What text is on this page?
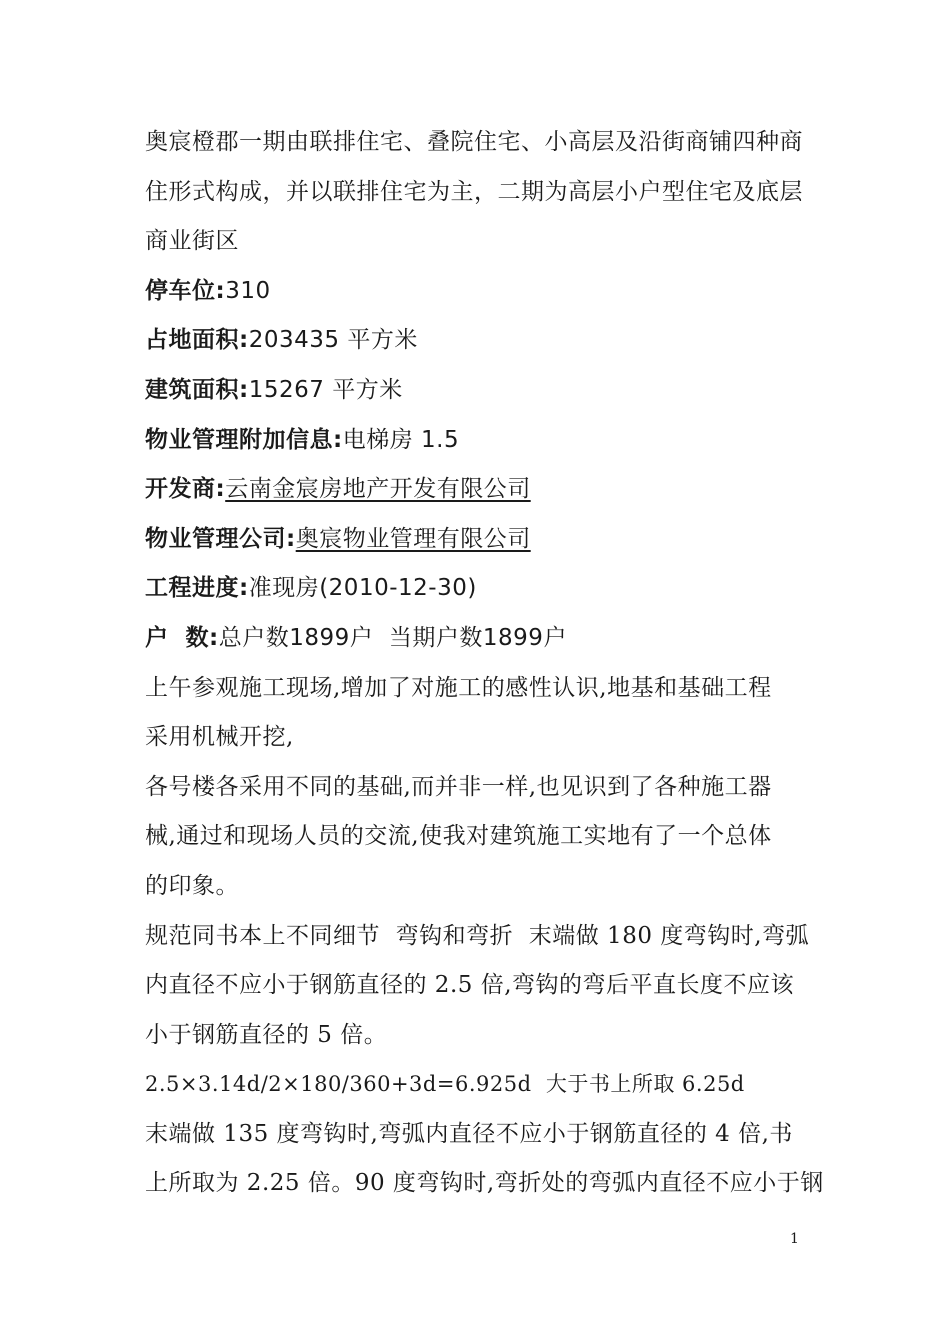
奥宸橙郡一期由联排住宅、叠院住宅、小高层及沿街商铺四种商
住形式构成，并以联排住宅为主，二期为高层小户型住宅及底层
商业街区
停车位:310
占地面积:203435 平方米
建筑面积:15267 平方米
物业管理附加信息:电梯房 1.5
开发商:云南金宸房地产开发有限公司
物业管理公司:奥宸物业管理有限公司
工程进度:准现房(2010-12-30)
户  数:总户数1899户 当期户数1899户
上午参观施工现场,增加了对施工的感性认识,地基和基础工程
采用机械开挖,
各号楼各采用不同的基础,而并非一样,也见识到了各种施工器
械,通过和现场人员的交流,使我对建筑施工实地有了一个总体
的印象。
规范同书本上不同细节  弯钩和弯折  末端做 180 度弯钩时,弯弧
内直径不应小于钢筋直径的 2.5 倍,弯钩的弯后平直长度不应该
小于钢筋直径的 5 倍。
2.5×3.14d/2×180/360+3d=6.925d  大于书上所取 6.25d
末端做 135 度弯钩时,弯弧内直径不应小于钢筋直径的 4 倍,书
上所取为 2.25 倍。90 度弯钩时,弯折处的弯弧内直径不应小于钢
1
